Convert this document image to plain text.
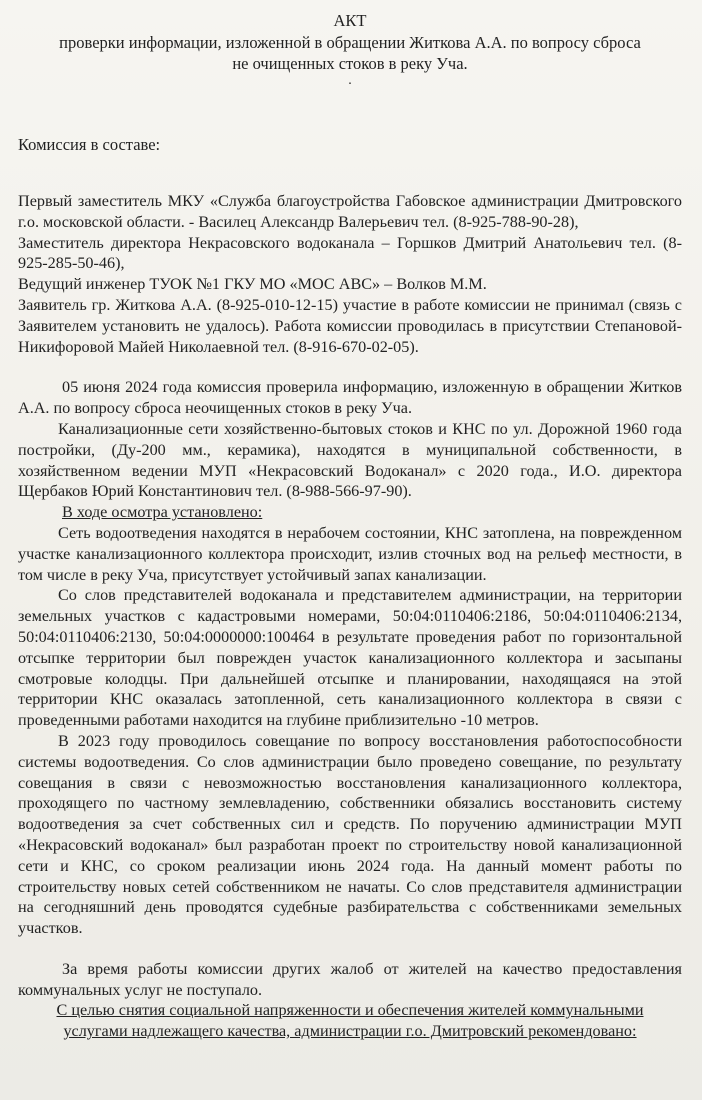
АКТ
проверки информации, изложенной в обращении Житкова А.А. по вопросу сброса не очищенных стоков в реку Уча.
.
Комиссия в составе:

Первый заместитель МКУ «Служба благоустройства Габовское администрации Дмитровского г.о. московской области. - Василец Александр Валерьевич тел. (8-925-788-90-28),

Заместитель директора Некрасовского водоканала – Горшков Дмитрий Анатольевич тел. (8-925-285-50-46),

Ведущий инженер ТУОК №1 ГКУ МО «МОС АВС» – Волков М.М.

Заявитель гр. Житкова А.А. (8-925-010-12-15) участие в работе комиссии не принимал (связь с Заявителем установить не удалось). Работа комиссии проводилась в присутствии Степановой-Никифоровой Майей Николаевной тел. (8-916-670-02-05).

05 июня 2024 года комиссия проверила информацию, изложенную в обращении Житков А.А. по вопросу сброса неочищенных стоков в реку Уча.

Канализационные сети хозяйственно-бытовых стоков и КНС по ул. Дорожной 1960 года постройки, (Ду-200 мм., керамика), находятся в муниципальной собственности, в хозяйственном ведении МУП «Некрасовский Водоканал» с 2020 года., И.О. директора Щербаков Юрий Константинович тел. (8-988-566-97-90).

В ходе осмотра установлено:

Сеть водоотведения находятся в нерабочем состоянии, КНС затоплена, на поврежденном участке канализационного коллектора происходит, излив сточных вод на рельеф местности, в том числе в реку Уча, присутствует устойчивый запах канализации.

Со слов представителей водоканала и представителем администрации, на территории земельных участков с кадастровыми номерами, 50:04:0110406:2186, 50:04:0110406:2134, 50:04:0110406:2130, 50:04:0000000:100464 в результате проведения работ по горизонтальной отсыпке территории был поврежден участок канализационного коллектора и засыпаны смотровые колодцы. При дальнейшей отсыпке и планировании, находящаяся на этой территории КНС оказалась затопленной, сеть канализационного коллектора в связи с проведенными работами находится на глубине приблизительно -10 метров.

В 2023 году проводилось совещание по вопросу восстановления работоспособности системы водоотведения. Со слов администрации было проведено совещание, по результату совещания в связи с невозможностью восстановления канализационного коллектора, проходящего по частному землевладению, собственники обязались восстановить систему водоотведения за счет собственных сил и средств. По поручению администрации МУП «Некрасовский водоканал» был разработан проект по строительству новой канализационной сети и КНС, со сроком реализации июнь 2024 года. На данный момент работы по строительству новых сетей собственником не начаты. Со слов представителя администрации на сегодняшний день проводятся судебные разбирательства с собственниками земельных участков.

За время работы комиссии других жалоб от жителей на качество предоставления коммунальных услуг не поступало.

С целью снятия социальной напряженности и обеспечения жителей коммунальными услугами надлежащего качества, администрации г.о. Дмитровский рекомендовано:
